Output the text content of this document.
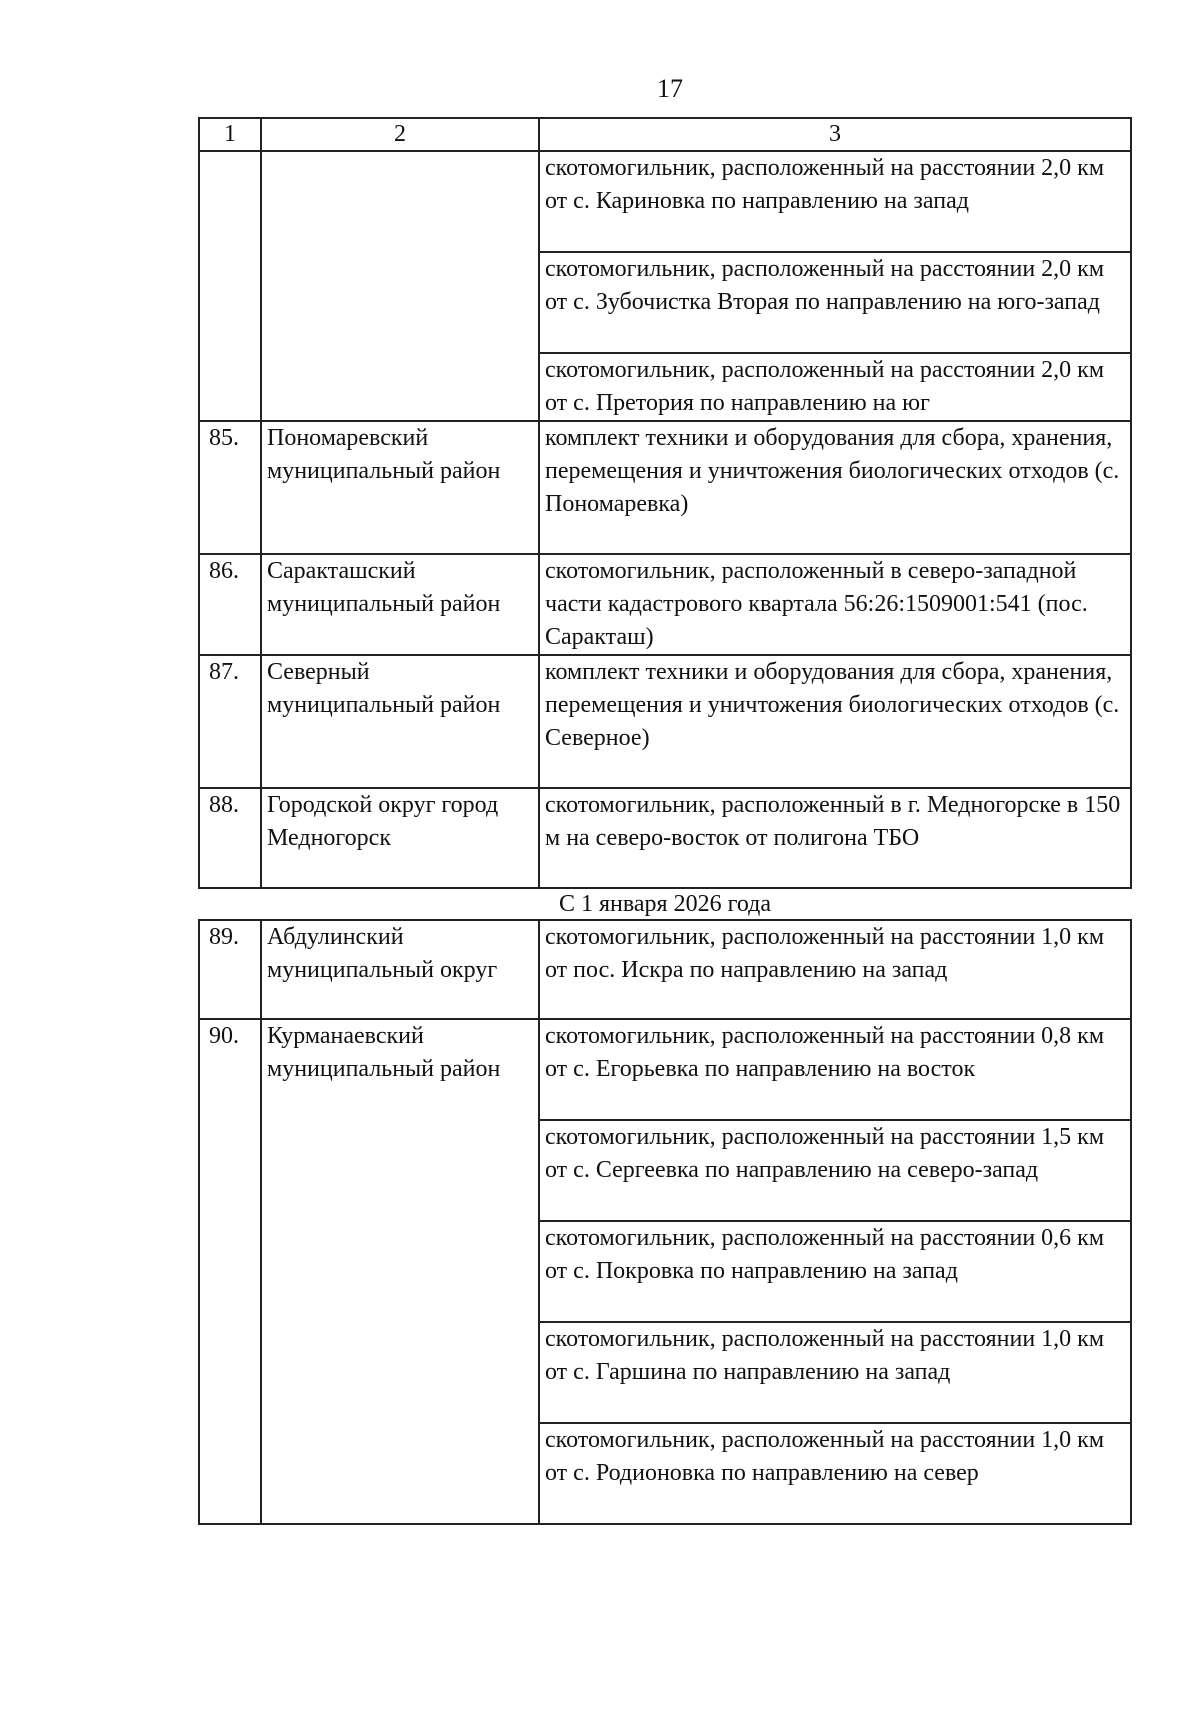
17
1	2	3
		скотомогильник, расположенный на расстоянии 2,0 км от с. Кариновка по направлению на запад
		скотомогильник, расположенный на расстоянии 2,0 км от с. Зубочистка Вторая по направлению на юго-запад
		скотомогильник, расположенный на расстоянии 2,0 км от с. Претория по направлению на юг
85.	Пономаревский муниципальный район	комплект техники и оборудования для сбора, хранения, перемещения и уничтожения биологических отходов (с. Пономаревка)
86.	Саракташский муниципальный район	скотомогильник, расположенный в северо-западной части кадастрового квартала 56:26:1509001:541 (пос. Саракташ)
87.	Северный муниципальный район	комплект техники и оборудования для сбора, хранения, перемещения и уничтожения биологических отходов (с. Северное)
88.	Городской округ город Медногорск	скотомогильник, расположенный в г. Медногорске в 150 м на северо-восток от полигона ТБО
С 1 января 2026 года		
89.	Абдулинский муниципальный округ	скотомогильник, расположенный на расстоянии 1,0 км от пос. Искра по направлению на запад
90.	Курманаевский муниципальный район	скотомогильник, расположенный на расстоянии 0,8 км от с. Егорьевка по направлению на восток
		скотомогильник, расположенный на расстоянии 1,5 км от с. Сергеевка по направлению на северо-запад
		скотомогильник, расположенный на расстоянии 0,6 км от с. Покровка по направлению на запад
		скотомогильник, расположенный на расстоянии 1,0 км от с. Гаршина по направлению на запад
		скотомогильник, расположенный на расстоянии 1,0 км от с. Родионовка по направлению на север
